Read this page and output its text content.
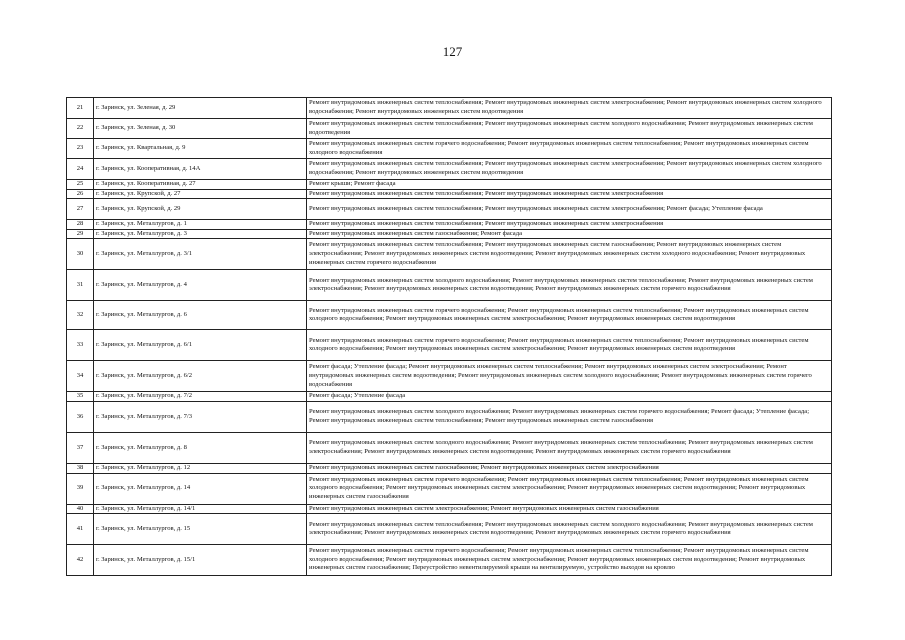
127
21	г. Заринск, ул. Зеленая, д. 29	Ремонт внутридомовых инженерных систем теплоснабжения; Ремонт внутридомовых инженерных систем электроснабжения; Ремонт внутридомовых инженерных систем холодного водоснабжения; Ремонт внутридомовых инженерных систем водоотведения
22	г. Заринск, ул. Зеленая, д. 30	Ремонт внутридомовых инженерных систем теплоснабжения; Ремонт внутридомовых инженерных систем холодного водоснабжения; Ремонт внутридомовых инженерных систем водоотведения
23	г. Заринск, ул. Квартальная, д. 9	Ремонт внутридомовых инженерных систем горячего водоснабжения; Ремонт внутридомовых инженерных систем теплоснабжения; Ремонт внутридомовых инженерных систем холодного водоснабжения
24	г. Заринск, ул. Кооперативная, д. 14А	Ремонт внутридомовых инженерных систем теплоснабжения; Ремонт внутридомовых инженерных систем электроснабжения; Ремонт внутридомовых инженерных систем холодного водоснабжения; Ремонт внутридомовых инженерных систем водоотведения
25	г. Заринск, ул. Кооперативная, д. 27	Ремонт крыши; Ремонт фасада
26	г. Заринск, ул. Крупской, д. 27	Ремонт внутридомовых инженерных систем теплоснабжения; Ремонт внутридомовых инженерных систем электроснабжения
27	г. Заринск, ул. Крупской, д. 29	Ремонт внутридомовых инженерных систем теплоснабжения; Ремонт внутридомовых инженерных систем электроснабжения; Ремонт фасада; Утепление фасада
28	г. Заринск, ул. Металлургов, д. 1	Ремонт внутридомовых инженерных систем теплоснабжения; Ремонт внутридомовых инженерных систем электроснабжения
29	г. Заринск, ул. Металлургов, д. 3	Ремонт внутридомовых инженерных систем газоснабжения; Ремонт фасада
30	г. Заринск, ул. Металлургов, д. 3/1	Ремонт внутридомовых инженерных систем теплоснабжения; Ремонт внутридомовых инженерных систем газоснабжения; Ремонт внутридомовых инженерных систем электроснабжения; Ремонт внутридомовых инженерных систем водоотведения; Ремонт внутридомовых инженерных систем холодного водоснабжения; Ремонт внутридомовых инженерных систем горячего водоснабжения
31	г. Заринск, ул. Металлургов, д. 4	Ремонт внутридомовых инженерных систем холодного водоснабжения; Ремонт внутридомовых инженерных систем теплоснабжения; Ремонт внутридомовых инженерных систем электроснабжения; Ремонт внутридомовых инженерных систем водоотведения; Ремонт внутридомовых инженерных систем горячего водоснабжения
32	г. Заринск, ул. Металлургов, д. 6	Ремонт внутридомовых инженерных систем горячего водоснабжения; Ремонт внутридомовых инженерных систем теплоснабжения; Ремонт внутридомовых инженерных систем холодного водоснабжения; Ремонт внутридомовых инженерных систем электроснабжения; Ремонт внутридомовых инженерных систем водоотведения
33	г. Заринск, ул. Металлургов, д. 6/1	Ремонт внутридомовых инженерных систем горячего водоснабжения; Ремонт внутридомовых инженерных систем теплоснабжения; Ремонт внутридомовых инженерных систем холодного водоснабжения; Ремонт внутридомовых инженерных систем электроснабжения; Ремонт внутридомовых инженерных систем водоотведения
34	г. Заринск, ул. Металлургов, д. 6/2	Ремонт фасада; Утепление фасада; Ремонт внутридомовых инженерных систем теплоснабжения; Ремонт внутридомовых инженерных систем электроснабжения; Ремонт внутридомовых инженерных систем водоотведения; Ремонт внутридомовых инженерных систем холодного водоснабжения; Ремонт внутридомовых инженерных систем горячего водоснабжения
35	г. Заринск, ул. Металлургов, д. 7/2	Ремонт фасада; Утепление фасада
36	г. Заринск, ул. Металлургов, д. 7/3	Ремонт внутридомовых инженерных систем холодного водоснабжения; Ремонт внутридомовых инженерных систем горячего водоснабжения; Ремонт фасада; Утепление фасада; Ремонт внутридомовых инженерных систем теплоснабжения; Ремонт внутридомовых инженерных систем газоснабжения
37	г. Заринск, ул. Металлургов, д. 8	Ремонт внутридомовых инженерных систем холодного водоснабжения; Ремонт внутридомовых инженерных систем теплоснабжения; Ремонт внутридомовых инженерных систем электроснабжения; Ремонт внутридомовых инженерных систем водоотведения; Ремонт внутридомовых инженерных систем горячего водоснабжения
38	г. Заринск, ул. Металлургов, д. 12	Ремонт внутридомовых инженерных систем газоснабжения; Ремонт внутридомовых инженерных систем электроснабжения
39	г. Заринск, ул. Металлургов, д. 14	Ремонт внутридомовых инженерных систем горячего водоснабжения; Ремонт внутридомовых инженерных систем теплоснабжения; Ремонт внутридомовых инженерных систем холодного водоснабжения; Ремонт внутридомовых инженерных систем электроснабжения; Ремонт внутридомовых инженерных систем водоотведения; Ремонт внутридомовых инженерных систем газоснабжения
40	г. Заринск, ул. Металлургов, д. 14/1	Ремонт внутридомовых инженерных систем электроснабжения; Ремонт внутридомовых инженерных систем газоснабжения
41	г. Заринск, ул. Металлургов, д. 15	Ремонт внутридомовых инженерных систем теплоснабжения; Ремонт внутридомовых инженерных систем холодного водоснабжения; Ремонт внутридомовых инженерных систем электроснабжения; Ремонт внутридомовых инженерных систем водоотведения; Ремонт внутридомовых инженерных систем горячего водоснабжения
42	г. Заринск, ул. Металлургов, д. 15/1	Ремонт внутридомовых инженерных систем горячего водоснабжения; Ремонт внутридомовых инженерных систем теплоснабжения; Ремонт внутридомовых инженерных систем холодного водоснабжения; Ремонт внутридомовых инженерных систем электроснабжения; Ремонт внутридомовых инженерных систем водоотведения; Ремонт внутридомовых инженерных систем газоснабжения; Переустройство невентилируемой крыши на вентилируемую, устройство выходов на кровлю
